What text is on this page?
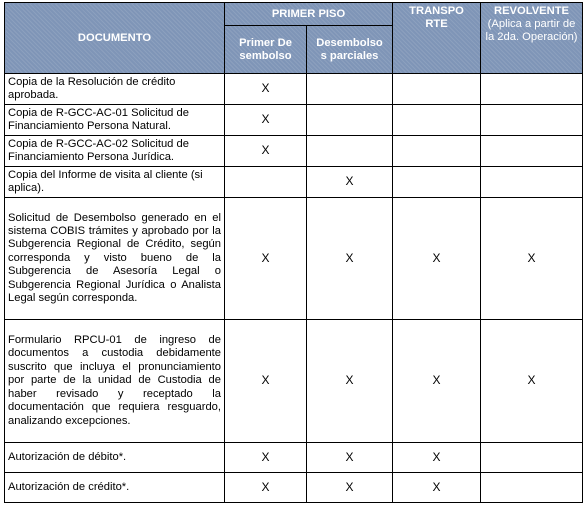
DOCUMENTO	PRIMER PISO		TRANSPORTE	REVOLVENTE
(Aplica a partir de la 2da. Operación)

	Primer Desembolso	Desembolsos parciales		

Copia de la Resolución de crédito aprobada.	X			
Copia de R-GCC-AC-01 Solicitud de Financiamiento Persona Natural.	X			
Copia de R-GCC-AC-02 Solicitud de Financiamiento Persona Jurídica.	X			
Copia del Informe de visita al cliente (si aplica).		X		
Solicitud de Desembolso generado en el sistema COBIS trámites y aprobado por la Subgerencia Regional de Crédito, según corresponda y visto bueno de la Subgerencia de Asesoría Legal o Subgerencia Regional Jurídica o Analista Legal según corresponda.	X	X	X	X
Formulario RPCU-01 de ingreso de documentos a custodia debidamente suscrito que incluya el pronunciamiento por parte de la unidad de Custodia de haber revisado y receptado la documentación que requiera resguardo, analizando excepciones.	X	X	X	X
Autorización de débito*.	X	X	X	
Autorización de crédito*.	X	X	X	
